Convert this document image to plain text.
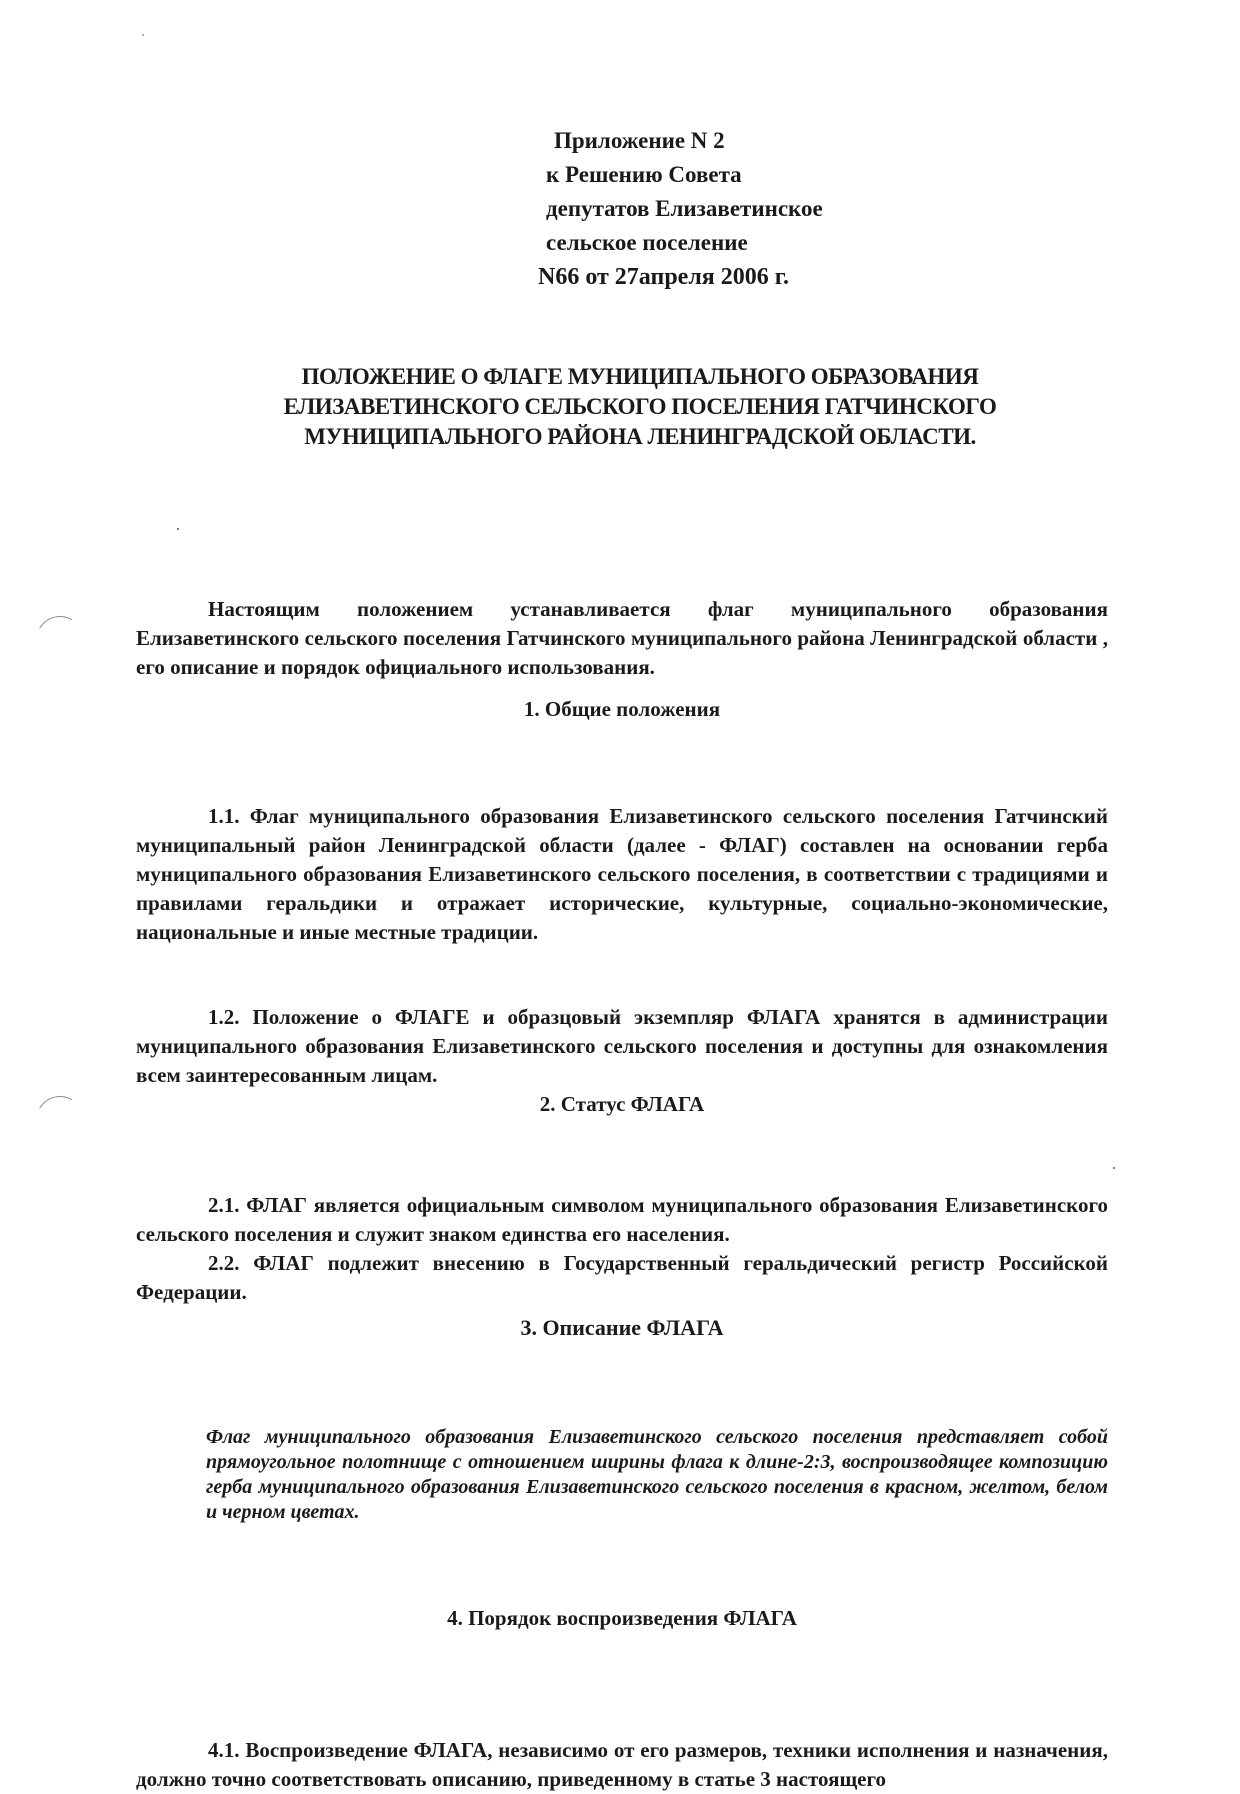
Приложение N 2
к Решению Совета
депутатов Елизаветинское
сельское поселение
N66 от 27апреля 2006 г.
ПОЛОЖЕНИЕ О ФЛАГЕ МУНИЦИПАЛЬНОГО ОБРАЗОВАНИЯ
ЕЛИЗАВЕТИНСКОГО СЕЛЬСКОГО ПОСЕЛЕНИЯ ГАТЧИНСКОГО
МУНИЦИПАЛЬНОГО РАЙОНА ЛЕНИНГРАДСКОЙ ОБЛАСТИ.

Настоящим положением устанавливается флаг муниципального образования Елизаветинского сельского поселения Гатчинского муниципального района Ленинградской области , его описание и порядок официального использования.

1. Общие положения

1.1. Флаг муниципального образования Елизаветинского сельского поселения Гатчинский муниципальный район Ленинградской области (далее - ФЛАГ) составлен на основании герба муниципального образования Елизаветинского сельского поселения, в соответствии с традициями и правилами геральдики и отражает исторические, культурные, социально-экономические, национальные и иные местные традиции.

1.2. Положение о ФЛАГЕ и образцовый экземпляр ФЛАГА хранятся в администрации муниципального образования Елизаветинского сельского поселения и доступны для ознакомления всем заинтересованным лицам.

2. Статус ФЛАГА

2.1. ФЛАГ является официальным символом муниципального образования Елизаветинского сельского поселения и служит знаком единства его населения.

2.2. ФЛАГ подлежит внесению в Государственный геральдический регистр Российской Федерации.

3. Описание ФЛАГА

Флаг муниципального образования Елизаветинского сельского поселения представляет собой прямоугольное полотнище с отношением ширины флага к длине-2:3, воспроизводящее композицию герба муниципального образования Елизаветинского сельского поселения в красном, желтом, белом и черном цветах.

4. Порядок воспроизведения ФЛАГА

4.1. Воспроизведение ФЛАГА, независимо от его размеров, техники исполнения и назначения, должно точно соответствовать описанию, приведенному в статье 3 настоящего
